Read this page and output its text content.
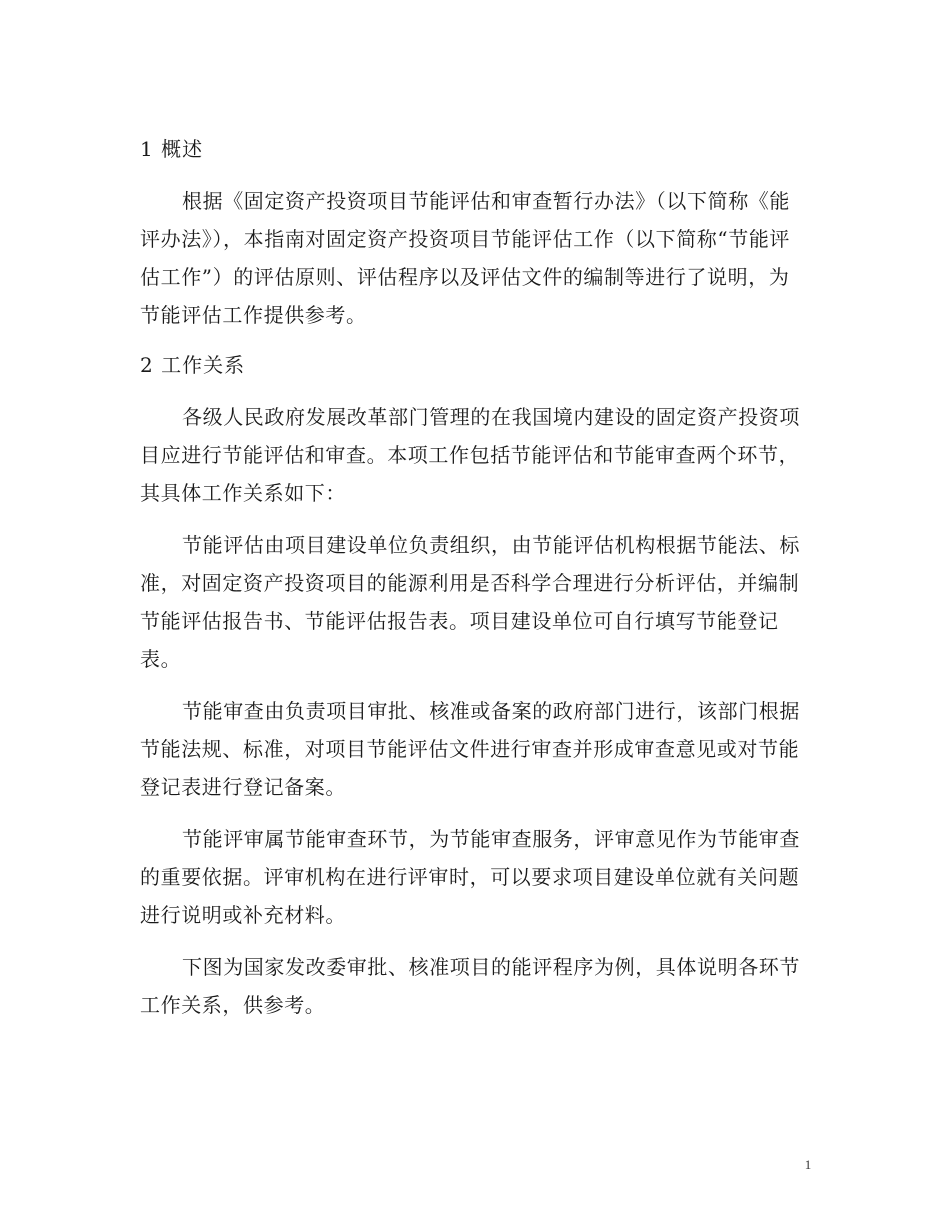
1 概述

根据《固定资产投资项目节能评估和审查暂行办法》（以下简称《能评办法》），本指南对固定资产投资项目节能评估工作（以下简称“节能评估工作”）的评估原则、评估程序以及评估文件的编制等进行了说明，为节能评估工作提供参考。

2 工作关系

各级人民政府发展改革部门管理的在我国境内建设的固定资产投资项目应进行节能评估和审查。本项工作包括节能评估和节能审查两个环节，其具体工作关系如下：

节能评估由项目建设单位负责组织，由节能评估机构根据节能法、标准，对固定资产投资项目的能源利用是否科学合理进行分析评估，并编制节能评估报告书、节能评估报告表。项目建设单位可自行填写节能登记表。

节能审查由负责项目审批、核准或备案的政府部门进行，该部门根据节能法规、标准，对项目节能评估文件进行审查并形成审查意见或对节能登记表进行登记备案。

节能评审属节能审查环节，为节能审查服务，评审意见作为节能审查的重要依据。评审机构在进行评审时，可以要求项目建设单位就有关问题进行说明或补充材料。

下图为国家发改委审批、核准项目的能评程序为例，具体说明各环节工作关系，供参考。

1
